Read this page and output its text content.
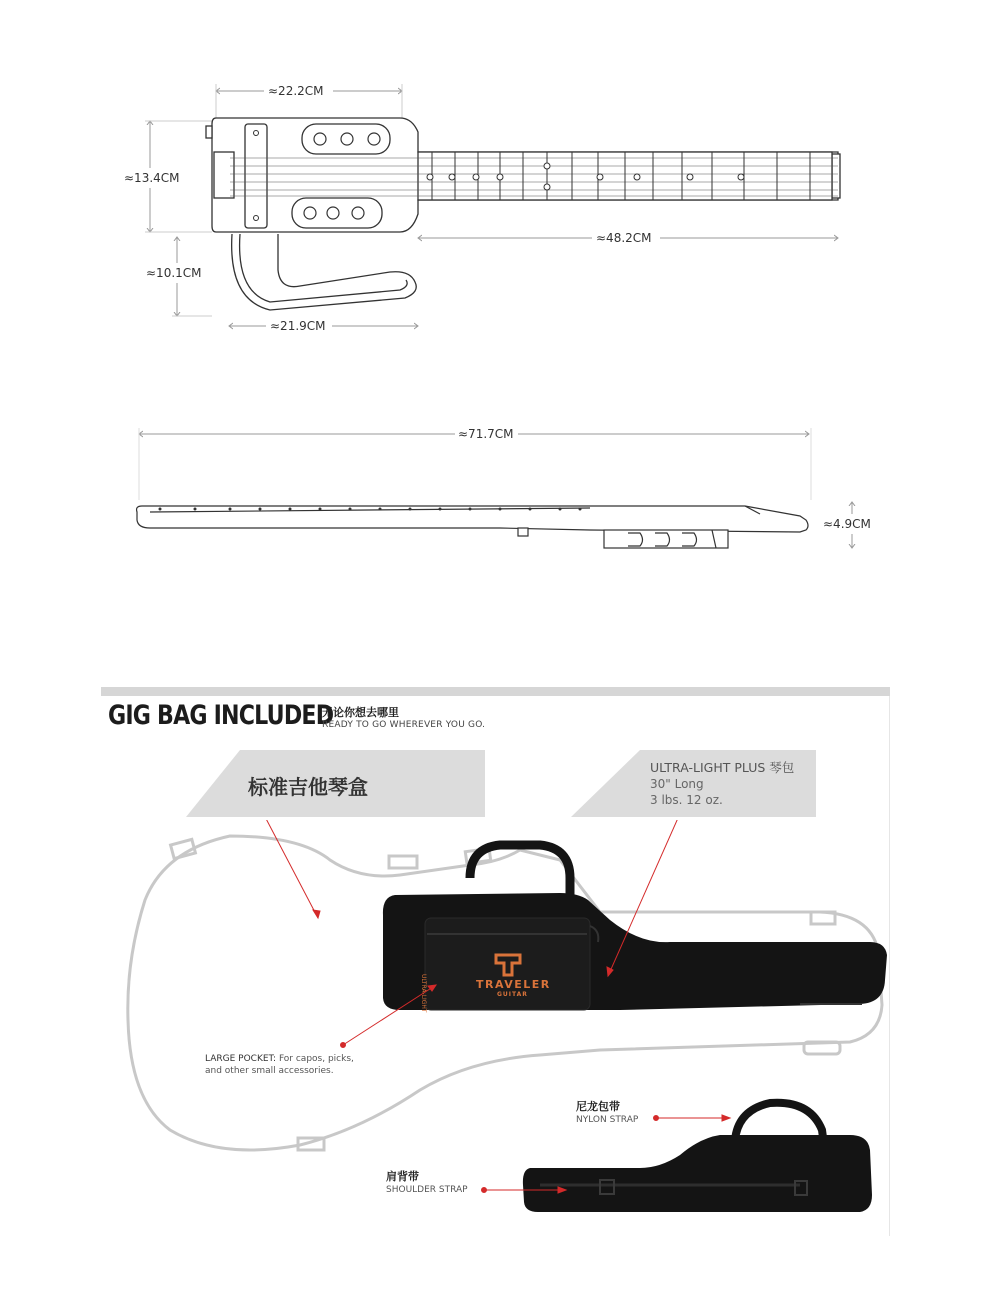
≈22.2CM
≈13.4CM
≈48.2CM
≈10.1CM
≈21.9CM
≈71.7CM
≈4.9CM
GIG BAG INCLUDED
无论你想去哪里
READY TO GO WHEREVER YOU GO.
标准吉他琴盒
ULTRA-LIGHT PLUS 琴包
30" Long
3 lbs. 12 oz.
TRAVELER
GUITAR
ULTRA-LIGHT
LARGE POCKET: For capos, picks,
and other small accessories.
尼龙包带
NYLON STRAP
肩背带
SHOULDER STRAP
